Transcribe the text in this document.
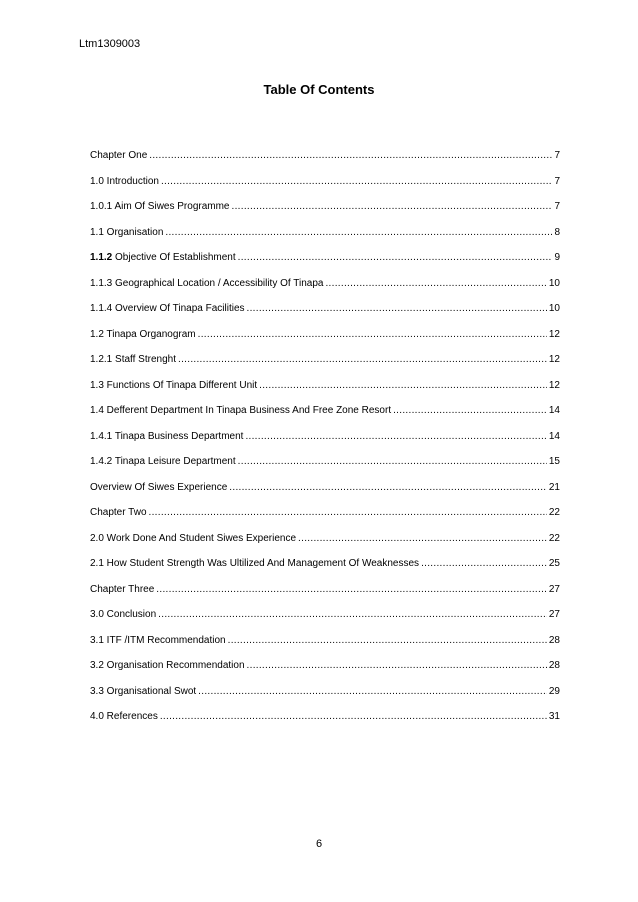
Ltm1309003
Table Of Contents
Chapter One .....	7
1.0 Introduction .....	7
1.0.1 Aim Of Siwes Programme .....	7
1.1 Organisation .....	8
1.1.2 Objective Of Establishment .....	9
1.1.3 Geographical Location / Accessibility Of Tinapa .....	10
1.1.4 Overview Of Tinapa Facilities .....	10
1.2 Tinapa Organogram .....	12
1.2.1 Staff Strenght .....	12
1.3 Functions Of Tinapa Different Unit .....	12
1.4 Defferent Department In Tinapa Business And Free Zone Resort .....	14
1.4.1 Tinapa Business Department .....	14
1.4.2 Tinapa Leisure Department .....	15
Overview Of Siwes Experience .....	21
Chapter Two .....	22
2.0 Work Done And Student Siwes Experience .....	22
2.1 How Student Strength Was Ultilized And Management Of Weaknesses .....	25
Chapter Three .....	27
3.0 Conclusion .....	27
3.1 ITF /ITM Recommendation .....	28
3.2 Organisation Recommendation .....	28
3.3 Organisational Swot .....	29
4.0 References .....	31
6
